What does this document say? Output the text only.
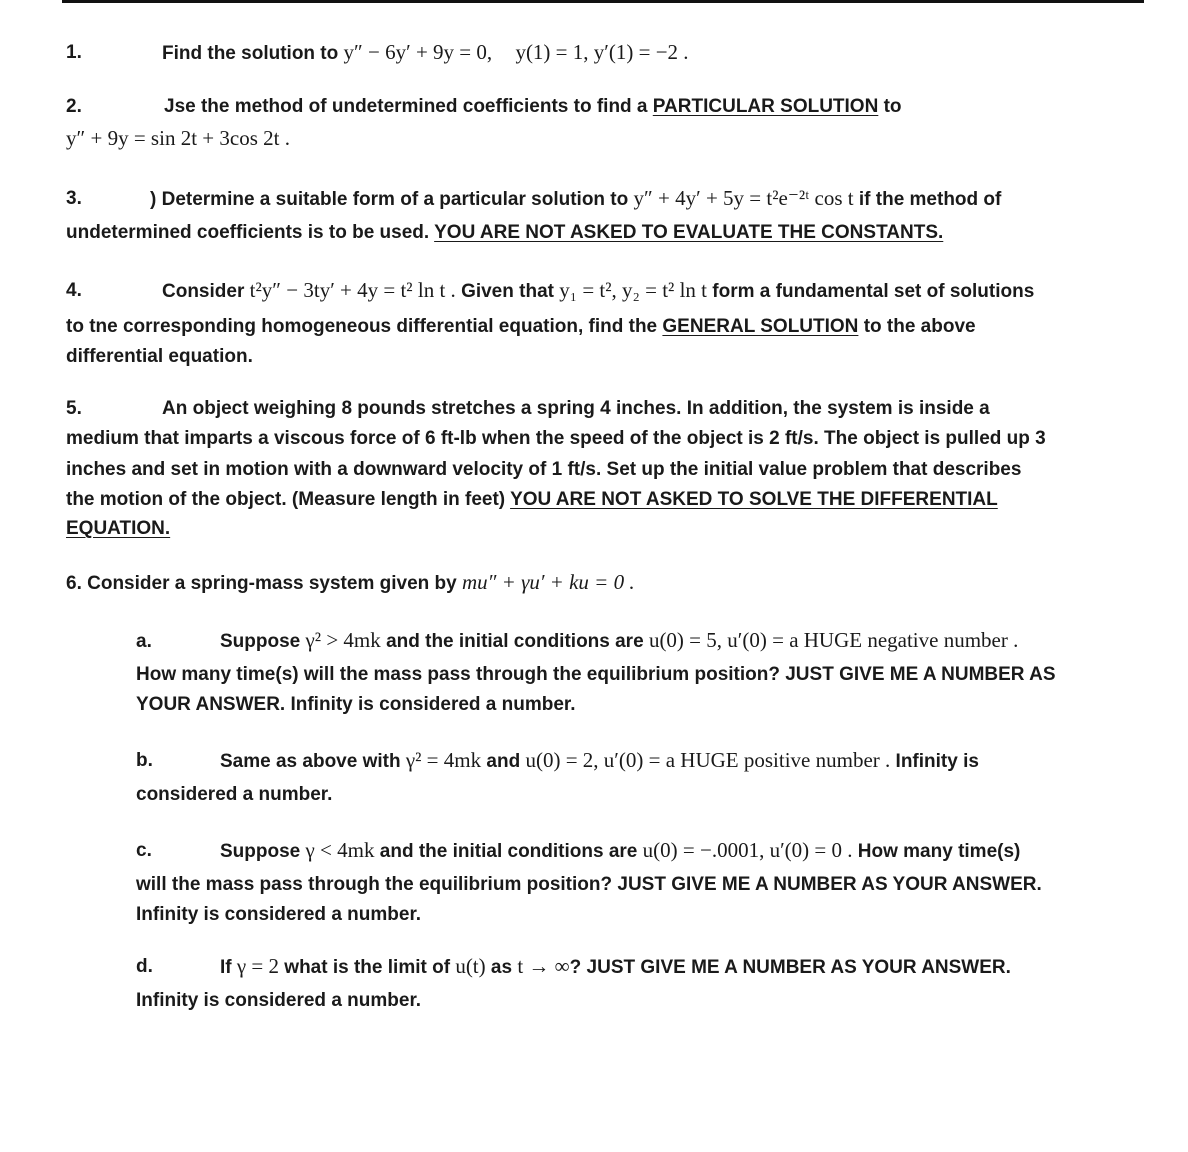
1.	Find the solution to y″ − 6y′ + 9y = 0, y(1) = 1, y′(1) = −2 .
2.	Jse the method of undetermined coefficients to find a PARTICULAR SOLUTION to
y″ + 9y = sin 2t + 3cos 2t .
3.	) Determine a suitable form of a particular solution to y″ + 4y′ + 5y = t²e⁻²ᵗ cos t if the method of
undetermined coefficients is to be used. YOU ARE NOT ASKED TO EVALUATE THE CONSTANTS.
4.	Consider t²y″ − 3ty′ + 4y = t² ln t . Given that y₁ = t², y₂ = t² ln t form a fundamental set of solutions
to tne corresponding homogeneous differential equation, find the GENERAL SOLUTION to the above
differential equation.
5.	An object weighing 8 pounds stretches a spring 4 inches. In addition, the system is inside a
medium that imparts a viscous force of 6 ft-lb when the speed of the object is 2 ft/s. The object is pulled up 3
inches and set in motion with a downward velocity of 1 ft/s. Set up the initial value problem that describes
the motion of the object. (Measure length in feet) YOU ARE NOT ASKED TO SOLVE THE DIFFERENTIAL
EQUATION.
6. Consider a spring-mass system given by mu″ + γu′ + ku = 0 .
a.	Suppose γ² > 4mk and the initial conditions are u(0) = 5, u′(0) = a HUGE negative number .
How many time(s) will the mass pass through the equilibrium position? JUST GIVE ME A NUMBER AS
YOUR ANSWER. Infinity is considered a number.
b.	Same as above with γ² = 4mk and u(0) = 2, u′(0) = a HUGE positive number . Infinity is
considered a number.
c.	Suppose γ < 4mk and the initial conditions are u(0) = −.0001, u′(0) = 0 . How many time(s)
will the mass pass through the equilibrium position? JUST GIVE ME A NUMBER AS YOUR ANSWER.
Infinity is considered a number.
d.	If γ = 2 what is the limit of u(t) as t → ∞? JUST GIVE ME A NUMBER AS YOUR ANSWER.
Infinity is considered a number.
